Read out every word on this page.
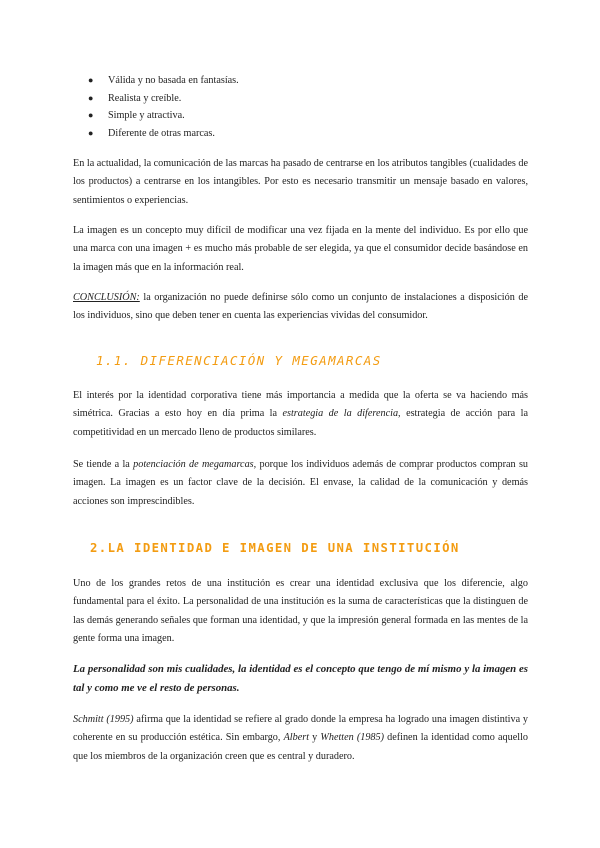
● Válida y no basada en fantasías.
● Realista y creíble.
● Simple y atractiva.
● Diferente de otras marcas.

En la actualidad, la comunicación de las marcas ha pasado de centrarse en los atributos tangibles (cualidades de los productos) a centrarse en los intangibles. Por esto es necesario transmitir un mensaje basado en valores, sentimientos o experiencias.

La imagen es un concepto muy difícil de modificar una vez fijada en la mente del individuo. Es por ello que una marca con una imagen + es mucho más probable de ser elegida, ya que el consumidor decide basándose en la imagen más que en la información real.

CONCLUSIÓN: la organización no puede definirse sólo como un conjunto de instalaciones a disposición de los individuos, sino que deben tener en cuenta las experiencias vividas del consumidor.

1.1. DIFERENCIACIÓN Y MEGAMARCAS

El interés por la identidad corporativa tiene más importancia a medida que la oferta se va haciendo más simétrica. Gracias a esto hoy en día prima la estrategia de la diferencia, estrategia de acción para la competitividad en un mercado lleno de productos similares.

Se tiende a la potenciación de megamarcas, porque los individuos además de comprar productos compran su imagen. La imagen es un factor clave de la decisión. El envase, la calidad de la comunicación y demás acciones son imprescindibles.

2.LA IDENTIDAD E IMAGEN DE UNA INSTITUCIÓN

Uno de los grandes retos de una institución es crear una identidad exclusiva que los diferencie, algo fundamental para el éxito. La personalidad de una institución es la suma de características que la distinguen de las demás generando señales que forman una identidad, y que la impresión general formada en las mentes de la gente forma una imagen.

La personalidad son mis cualidades, la identidad es el concepto que tengo de mí mismo y la imagen es tal y como me ve el resto de personas.

Schmitt (1995) afirma que la identidad se refiere al grado donde la empresa ha logrado una imagen distintiva y coherente en su producción estética. Sin embargo, Albert y Whetten (1985) definen la identidad como aquello que los miembros de la organización creen que es central y duradero.
